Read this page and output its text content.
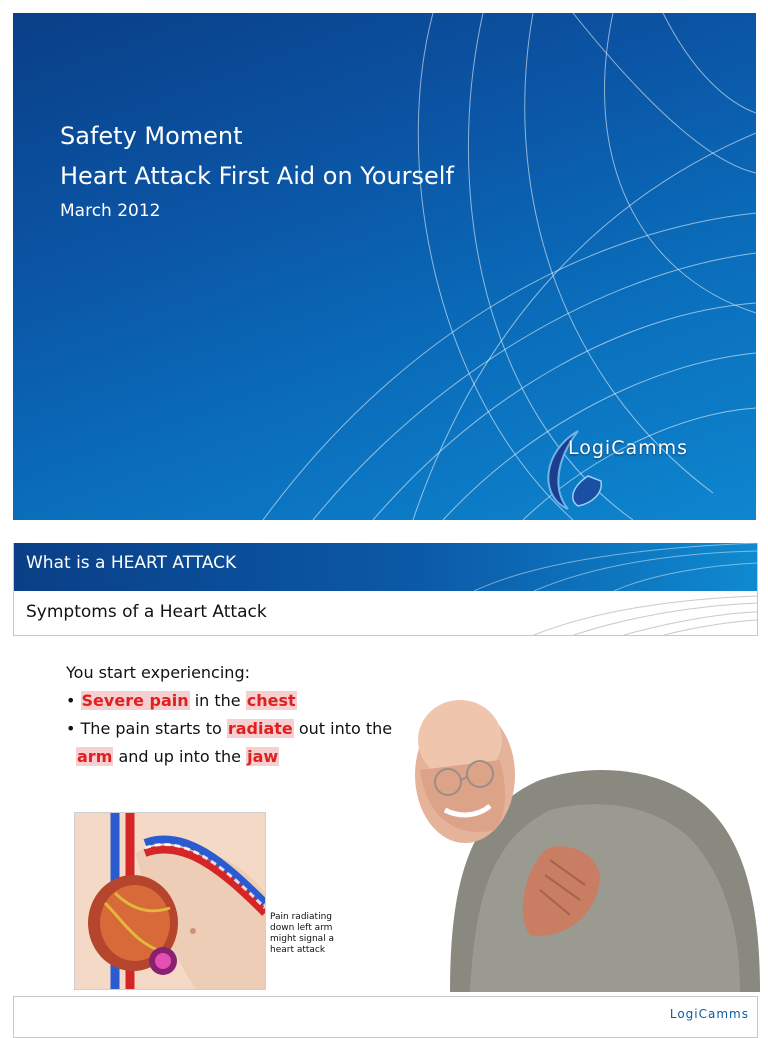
Safety Moment
Heart Attack First Aid on Yourself
March 2012
LogiCamms
What is a HEART ATTACK
Symptoms of a Heart Attack
You start experiencing:
• Severe pain in the chest
• The pain starts to radiate out into the
arm and up into the jaw
Pain radiating down left arm might signal a heart attack
LogiCamms
